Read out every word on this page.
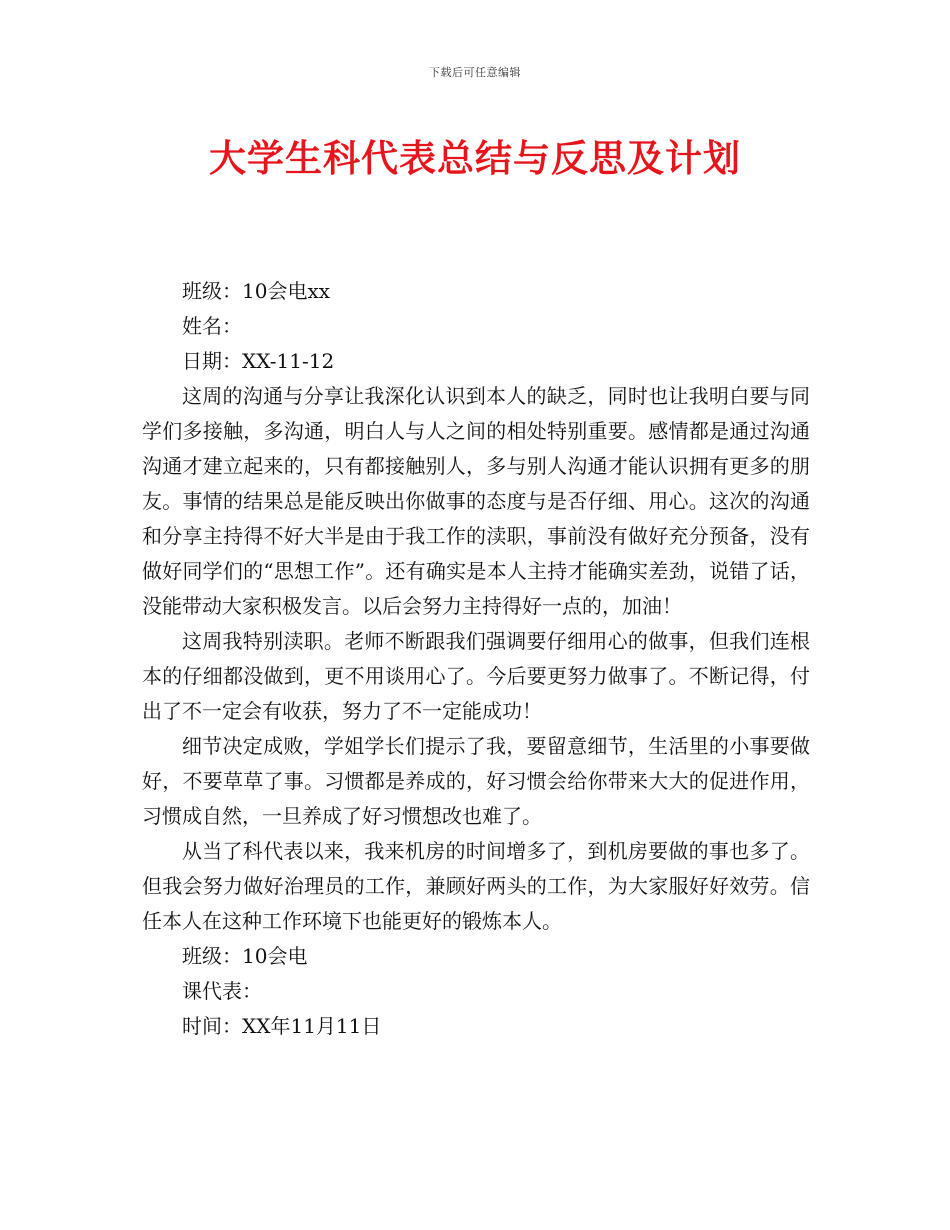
下载后可任意编辑
大学生科代表总结与反思及计划

班级：10会电xx

姓名：

日期：XX-11-12

这周的沟通与分享让我深化认识到本人的缺乏，同时也让我明白要与同学们多接触，多沟通，明白人与人之间的相处特别重要。感情都是通过沟通沟通才建立起来的，只有都接触别人，多与别人沟通才能认识拥有更多的朋友。事情的结果总是能反映出你做事的态度与是否仔细、用心。这次的沟通和分享主持得不好大半是由于我工作的渎职，事前没有做好充分预备，没有做好同学们的“思想工作”。还有确实是本人主持才能确实差劲，说错了话，没能带动大家积极发言。以后会努力主持得好一点的，加油！

这周我特别渎职。老师不断跟我们强调要仔细用心的做事，但我们连根本的仔细都没做到，更不用谈用心了。今后要更努力做事了。不断记得，付出了不一定会有收获，努力了不一定能成功！

细节决定成败，学姐学长们提示了我，要留意细节，生活里的小事要做好，不要草草了事。习惯都是养成的，好习惯会给你带来大大的促进作用，习惯成自然，一旦养成了好习惯想改也难了。

从当了科代表以来，我来机房的时间增多了，到机房要做的事也多了。但我会努力做好治理员的工作，兼顾好两头的工作，为大家服好好效劳。信任本人在这种工作环境下也能更好的锻炼本人。

班级：10会电

课代表：

时间：XX年11月11日
